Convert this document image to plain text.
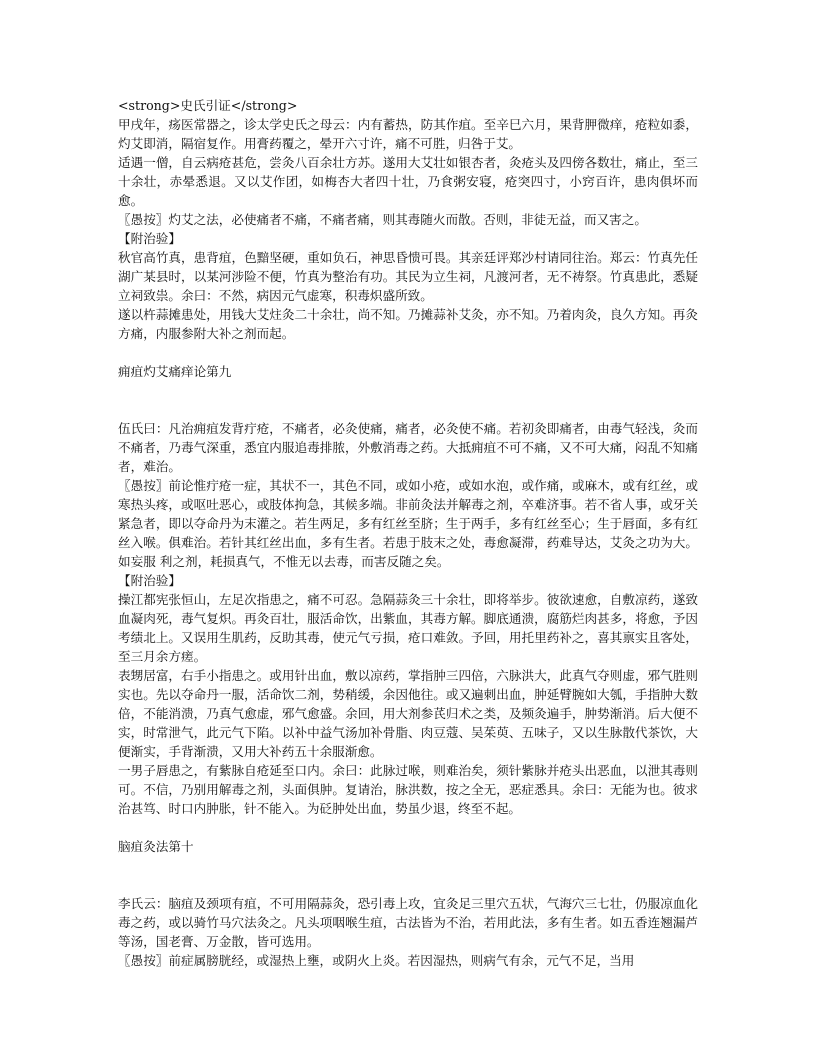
<strong>史氏引证</strong>

甲戌年，疡医常器之，诊太学史氏之母云：内有蓄热，防其作疽。至辛巳六月，果背胛微痒，疮粒如黍，灼艾即消，隔宿复作。用膏药覆之，晕开六寸许，痛不可胜，归咎于艾。

适遇一僧，自云病疮甚危，尝灸八百余壮方苏。遂用大艾壮如银杏者，灸疮头及四傍各数壮，痛止，至三十余壮，赤晕悉退。又以艾作团，如梅杏大者四十壮，乃食粥安寝，疮突四寸，小窍百许，患肉俱坏而愈。

〖愚按〗灼艾之法，必使痛者不痛，不痛者痛，则其毒随火而散。否则，非徒无益，而又害之。

【附治验】

秋官高竹真，患背疽，色黯坚硬，重如负石，神思昏愦可畏。其亲廷评郑沙村请同往治。郑云：竹真先任湖广某县时，以某河涉险不便，竹真为整治有功。其民为立生祠，凡渡河者，无不祷祭。竹真患此，悉疑立祠致祟。余曰：不然，病因元气虚寒，积毒炽盛所致。

遂以杵蒜摊患处，用钱大艾炷灸二十余壮，尚不知。乃摊蒜补艾灸，亦不知。乃着肉灸，良久方知。再灸方痛，内服参附大补之剂而起。

痈疽灼艾痛痒论第九

伍氏曰：凡治痈疽发背疔疮，不痛者，必灸使痛，痛者，必灸使不痛。若初灸即痛者，由毒气轻浅，灸而不痛者，乃毒气深重，悉宜内服追毒排脓，外敷消毒之药。大抵痈疽不可不痛，又不可大痛，闷乱不知痛者，难治。

〖愚按〗前论惟疔疮一症，其状不一，其色不同，或如小疮，或如水泡，或作痛，或麻木，或有红丝，或寒热头疼，或呕吐恶心，或肢体拘急，其候多端。非前灸法并解毒之剂，卒难济事。若不省人事，或牙关紧急者，即以夺命丹为末灌之。若生两足，多有红丝至脐；生于两手，多有红丝至心；生于唇面，多有红丝入喉。俱难治。若针其红丝出血，多有生者。若患于肢末之处，毒愈凝滞，药难导达，艾灸之功为大。如妄服 利之剂，耗损真气，不惟无以去毒，而害反随之矣。

【附治验】

操江都宪张恒山，左足次指患之，痛不可忍。急隔蒜灸三十余壮，即将举步。彼欲速愈，自敷凉药，遂致血凝肉死，毒气复炽。再灸百壮，服活命饮，出紫血，其毒方解。脚底通溃，腐筋烂肉甚多，将愈，予因考绩北上。又误用生肌药，反助其毒，使元气亏损，疮口难敛。予回，用托里药补之，喜其禀实且客处，至三月余方瘥。

表甥居富，右手小指患之。或用针出血，敷以凉药，掌指肿三四倍，六脉洪大，此真气夺则虚，邪气胜则实也。先以夺命丹一服，活命饮二剂，势稍缓，余因他往。或又遍刺出血，肿延臂腕如大瓠，手指肿大数倍，不能消溃，乃真气愈虚，邪气愈盛。余回，用大剂参芪归术之类，及频灸遍手，肿势渐消。后大便不实，时常泄气，此元气下陷。以补中益气汤加补骨脂、肉豆蔻、吴茱萸、五味子，又以生脉散代茶饮，大便渐实，手背渐溃，又用大补药五十余服渐愈。

一男子唇患之，有紫脉自疮延至口内。余曰：此脉过喉，则难治矣，须针紫脉并疮头出恶血，以泄其毒则可。不信，乃别用解毒之剂，头面俱肿。复请治，脉洪数，按之全无，恶症悉具。余曰：无能为也。彼求治甚笃、时口内肿胀，针不能入。为砭肿处出血，势虽少退，终至不起。

脑疽灸法第十

李氏云：脑疽及颈项有疽，不可用隔蒜灸，恐引毒上攻，宜灸足三里穴五状，气海穴三七壮，仍服凉血化毒之药，或以骑竹马穴法灸之。凡头项咽喉生疽，古法皆为不治，若用此法，多有生者。如五香连翘漏芦等汤，国老膏、万金散，皆可选用。

〖愚按〗前症属膀胱经，或湿热上壅，或阴火上炎。若因湿热，则病气有余，元气不足，当用
